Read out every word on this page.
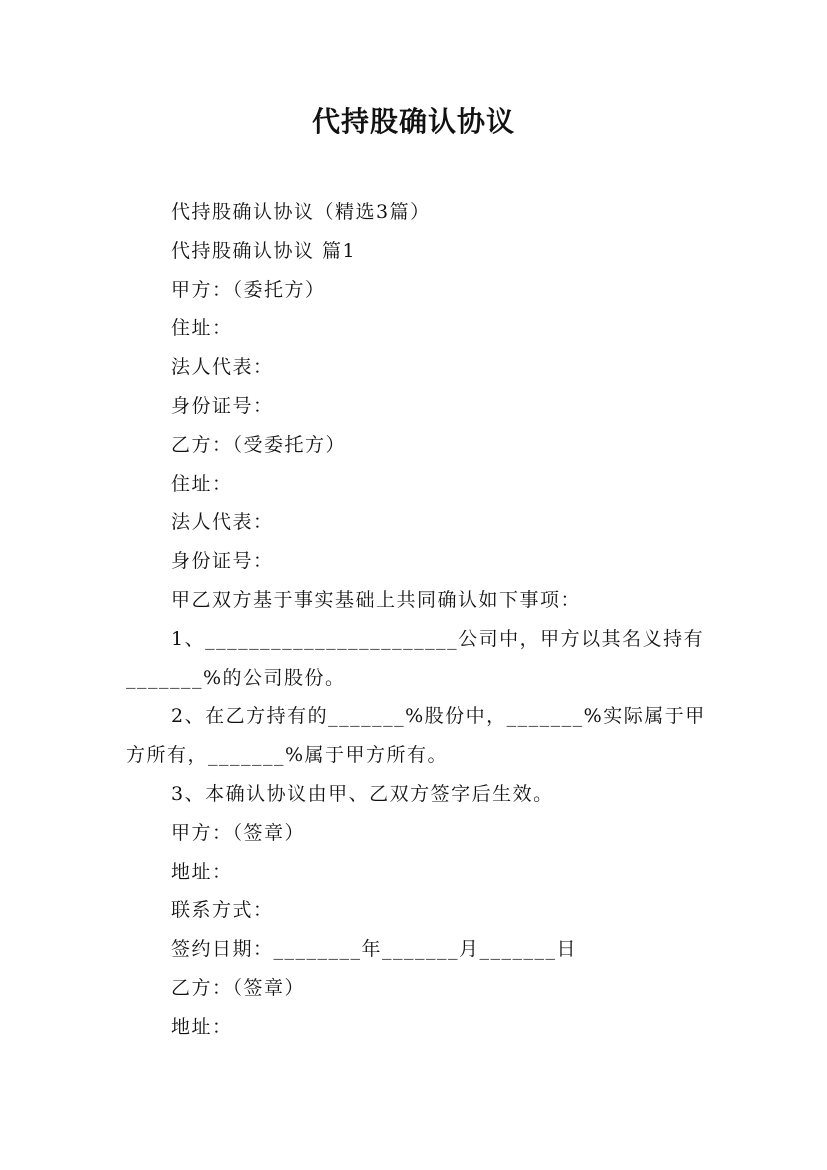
代持股确认协议

代持股确认协议（精选3篇）

代持股确认协议 篇1

甲方：（委托方）

住址：

法人代表：

身份证号：

乙方：（受委托方）

住址：

法人代表：

身份证号：

甲乙双方基于事实基础上共同确认如下事项：

1、_______________________公司中，甲方以其名义持有_______%的公司股份。

2、在乙方持有的_______%股份中，_______%实际属于甲方所有，_______%属于甲方所有。

3、本确认协议由甲、乙双方签字后生效。

甲方：（签章）

地址：

联系方式：

签约日期：________年_______月_______日

乙方：（签章）

地址：
